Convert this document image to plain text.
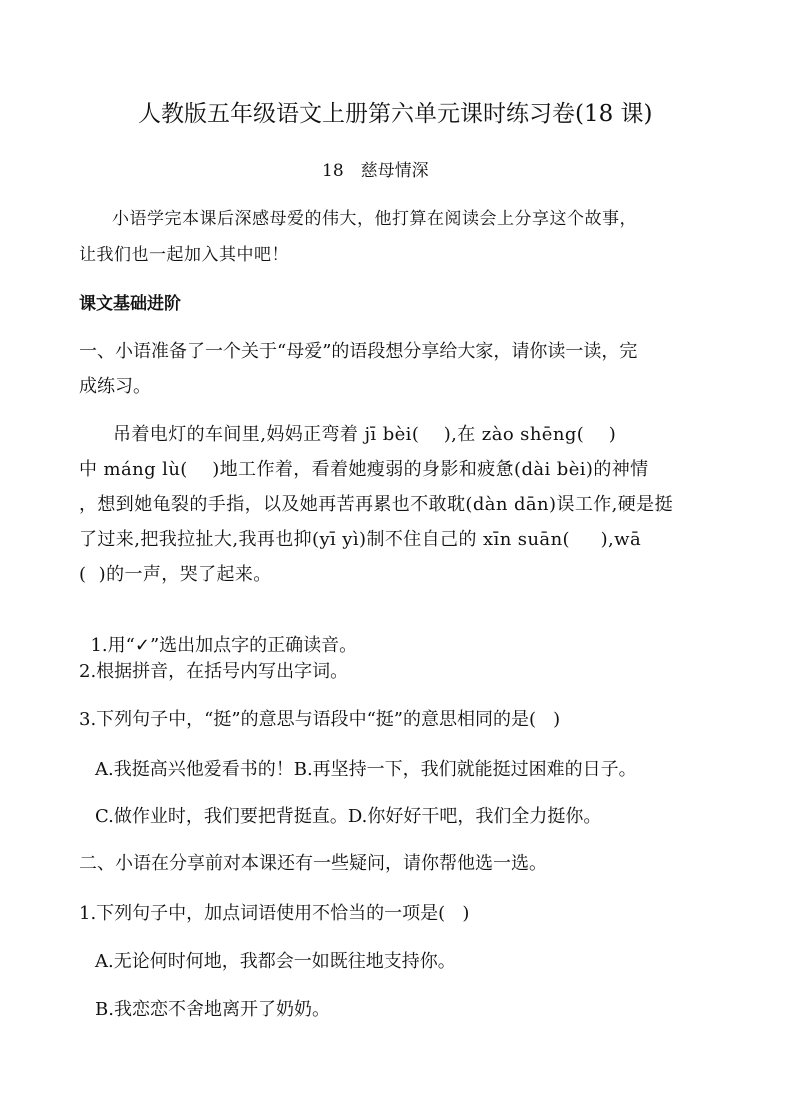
人教版五年级语文上册第六单元课时练习卷(18 课)
18　慈母情深
小语学完本课后深感母爱的伟大，他打算在阅读会上分享这个故事，
让我们也一起加入其中吧！
课文基础进阶
一、小语准备了一个关于“母爱”的语段想分享给大家，请你读一读，完
成练习。
吊着电灯的车间里,妈妈正弯着 jī bèi(    ),在 zào shēng(    )
中 máng lù(    )地工作着，看着她瘦弱的身影和疲惫(dài bèi)的神情
，想到她龟裂的手指，以及她再苦再累也不敢耽(dàn dān)误工作,硬是挺
了过来,把我拉扯大,我再也抑(yī yì)制不住自己的 xīn suān(     ),wā
(  )的一声，哭了起来。

1.用“✓”选出加点字的正确读音。

2.根据拼音，在括号内写出字词。
3.下列句子中，“挺”的意思与语段中“挺”的意思相同的是(   )
A.我挺高兴他爱看书的！B.再坚持一下，我们就能挺过困难的日子。
C.做作业时，我们要把背挺直。D.你好好干吧，我们全力挺你。
二、小语在分享前对本课还有一些疑问，请你帮他选一选。
1.下列句子中，加点词语使用不恰当的一项是(   )
A.无论何时何地，我都会一如既往地支持你。
B.我恋恋不舍地离开了奶奶。
